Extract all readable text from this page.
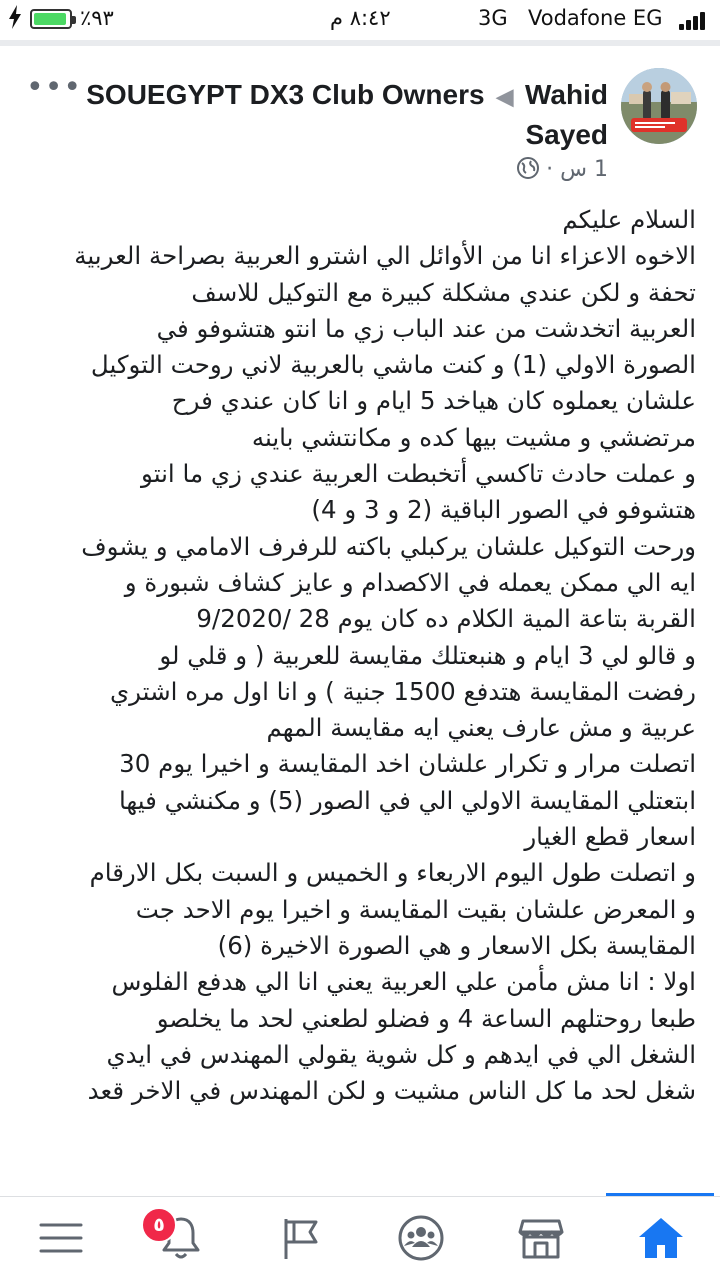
٪٩٣	٨:٤٢ م	3G Vodafone EG
••• SOUEGYPT DX3 Club Owners ◀ Wahid Sayed
1 س ·

السلام عليكم

الاخوه الاعزاء انا من الأوائل الي اشترو العربية بصراحة العربية

تحفة و لكن عندي مشكلة كبيرة مع التوكيل للاسف

العربية اتخدشت من عند الباب زي ما انتو هتشوفو في

الصورة الاولي (1) و كنت ماشي بالعربية لاني روحت التوكيل

علشان يعملوه كان هياخد 5 ايام و انا كان عندي فرح

مرتضشي و مشيت بيها كده و مكانتشي باينه

و عملت حادث تاكسي أتخبطت العربية عندي زي ما انتو

هتشوفو في الصور الباقية (2 و 3 و 4)

ورحت التوكيل علشان يركبلي باكته للرفرف الامامي و يشوف

ايه الي ممكن يعمله في الاكصدام و عايز كشاف شبورة و

القربة بتاعة المية الكلام ده كان يوم 28 /9/2020

و قالو لي 3 ايام و هنبعتلك مقايسة للعربية ( و قلي لو

رفضت المقايسة هتدفع 1500 جنية ) و انا اول مره اشتري

عربية و مش عارف يعني ايه مقايسة المهم

اتصلت مرار و تكرار علشان اخد المقايسة و اخيرا يوم 30

ابتعتلي المقايسة الاولي الي في الصور (5) و مكنشي فيها

اسعار قطع الغيار

و اتصلت طول اليوم الاربعاء و الخميس و السبت بكل الارقام

و المعرض علشان بقيت المقايسة و اخيرا يوم الاحد جت

المقايسة بكل الاسعار و هي الصورة الاخيرة (6)

اولا : انا مش مأمن علي العربية يعني انا الي هدفع الفلوس

طبعا روحتلهم الساعة 4 و فضلو لطعني لحد ما يخلصو

الشغل الي في ايدهم و كل شوية يقولي المهندس في ايدي

شغل لحد ما كل الناس مشيت و لكن المهندس في الاخر قعد

٥
